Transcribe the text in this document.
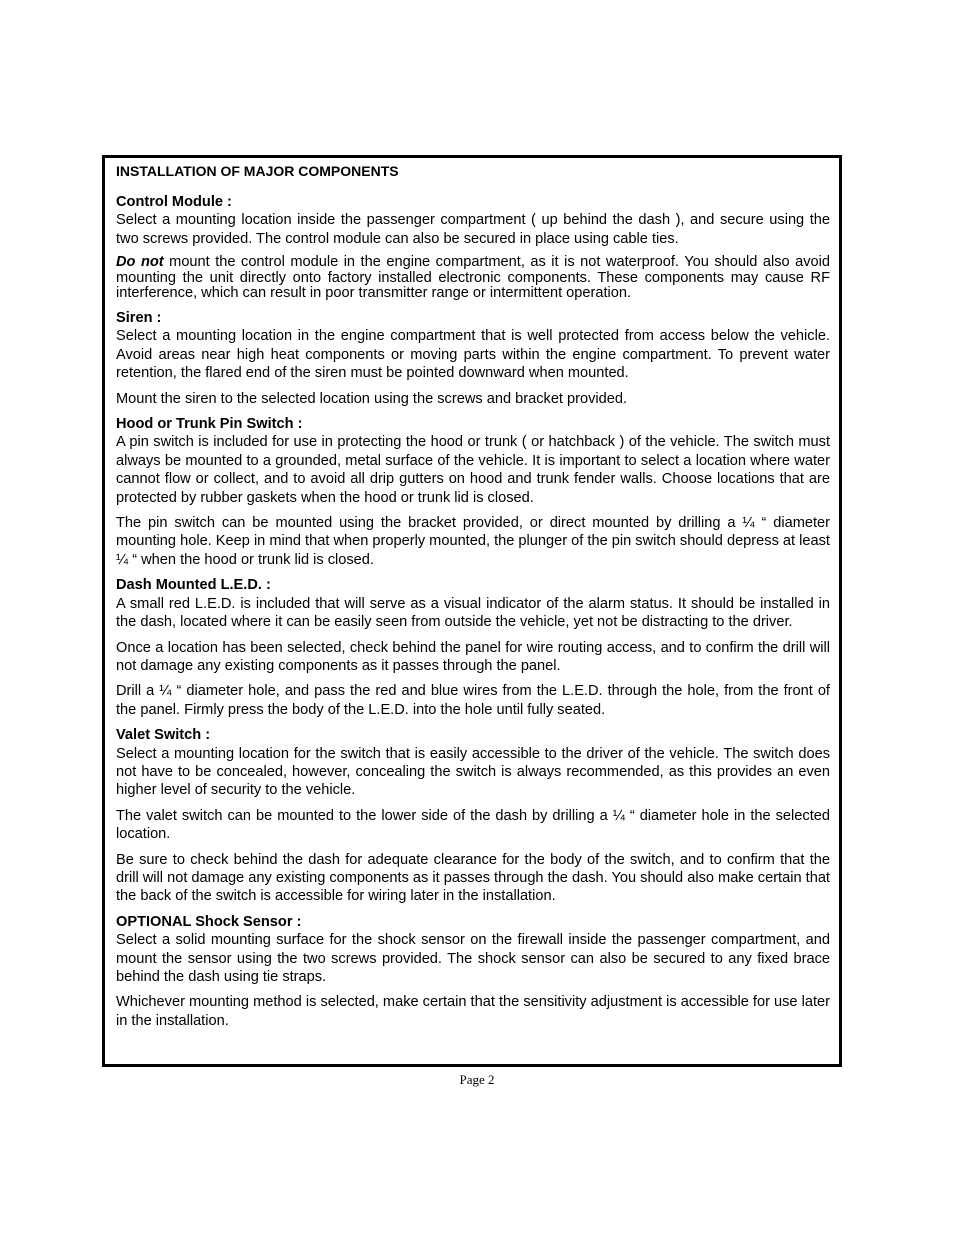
INSTALLATION OF MAJOR COMPONENTS
Control Module :

Select a mounting location inside the passenger compartment ( up behind the dash ), and secure using the two screws provided. The control module can also be secured in place using cable ties.

Do not mount the control module in the engine compartment, as it is not waterproof. You should also avoid mounting the unit directly onto factory installed electronic components. These components may cause RF interference, which can result in poor transmitter range or intermittent operation.

Siren :

Select a mounting location in the engine compartment that is well protected from access below the vehicle. Avoid areas near high heat components or moving parts within the engine compartment. To prevent water retention, the flared end of the siren must be pointed downward when mounted.

Mount the siren to the selected location using the screws and bracket provided.

Hood or Trunk Pin Switch :

A pin switch is included for use in protecting the hood or trunk ( or hatchback ) of the vehicle. The switch must always be mounted to a grounded, metal surface of the vehicle. It is important to select a location where water cannot flow or collect, and to avoid all drip gutters on hood and trunk fender walls. Choose locations that are protected by rubber gaskets when the hood or trunk lid is closed.

The pin switch can be mounted using the bracket provided, or direct mounted by drilling a ¼ “ diameter mounting hole. Keep in mind that when properly mounted, the plunger of the pin switch should depress at least ¼ “ when the hood or trunk lid is closed.

Dash Mounted L.E.D. :

A small red L.E.D. is included that will serve as a visual indicator of the alarm status. It should be installed in the dash, located where it can be easily seen from outside the vehicle, yet not be distracting to the driver.

Once a location has been selected, check behind the panel for wire routing access, and to confirm the drill will not damage any existing components as it passes through the panel.

Drill a ¼ “ diameter hole, and pass the red and blue wires from the L.E.D. through the hole, from the front of the panel. Firmly press the body of the L.E.D. into the hole until fully seated.

Valet Switch :

Select a mounting location for the switch that is easily accessible to the driver of the vehicle. The switch does not have to be concealed, however, concealing the switch is always recommended, as this provides an even higher level of security to the vehicle.

The valet switch can be mounted to the lower side of the dash by drilling a ¼ “ diameter hole in the selected location.

Be sure to check behind the dash for adequate clearance for the body of the switch, and to confirm that the drill will not damage any existing components as it passes through the dash. You should also make certain that the back of the switch is accessible for wiring later in the installation.

OPTIONAL Shock Sensor :

Select a solid mounting surface for the shock sensor on the firewall inside the passenger compartment, and mount the sensor using the two screws provided. The shock sensor can also be secured to any fixed brace behind the dash using tie straps.

Whichever mounting method is selected, make certain that the sensitivity adjustment is accessible for use later in the installation.

Page 2
